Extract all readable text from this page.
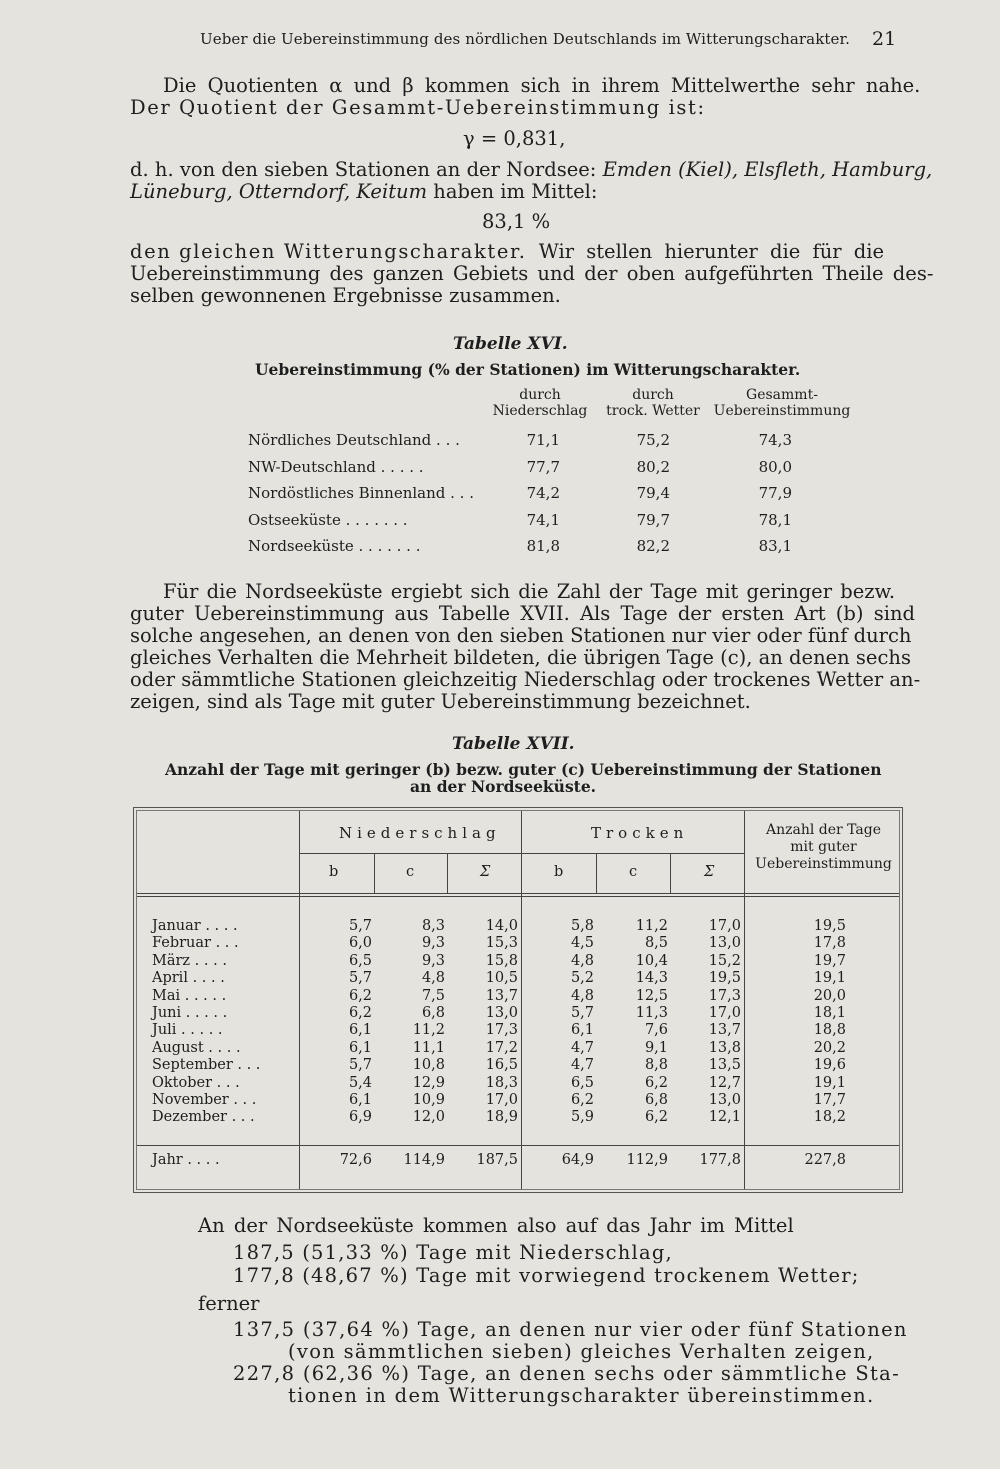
Ueber die Uebereinstimmung des nördlichen Deutschlands im Witterungscharakter. 21
Die Quotienten α und β kommen sich in ihrem Mittelwerthe sehr nahe.
Der Quotient der Gesammt-Uebereinstimmung ist:
γ = 0,831,
d. h. von den sieben Stationen an der Nordsee: Emden (Kiel), Elsfleth, Hamburg,
Lüneburg, Otterndorf, Keitum haben im Mittel:
83,1 %
den gleichen Witterungscharakter. Wir stellen hierunter die für die
Uebereinstimmung des ganzen Gebiets und der oben aufgeführten Theile des-
selben gewonnenen Ergebnisse zusammen.
Tabelle XVI.
Uebereinstimmung (% der Stationen) im Witterungscharakter.
durch
Niederschlag
durch
trock. Wetter
Gesammt-
Uebereinstimmung
Nördliches Deutschland . . .	71,1	75,2	74,3
NW-Deutschland . . . . .	77,7	80,2	80,0
Nordöstliches Binnenland . . .	74,2	79,4	77,9
Ostseeküste . . . . . . .	74,1	79,7	78,1
Nordseeküste . . . . . . .	81,8	82,2	83,1
Für die Nordseeküste ergiebt sich die Zahl der Tage mit geringer bezw.
guter Uebereinstimmung aus Tabelle XVII. Als Tage der ersten Art (b) sind
solche angesehen, an denen von den sieben Stationen nur vier oder fünf durch
gleiches Verhalten die Mehrheit bildeten, die übrigen Tage (c), an denen sechs
oder sämmtliche Stationen gleichzeitig Niederschlag oder trockenes Wetter an-
zeigen, sind als Tage mit guter Uebereinstimmung bezeichnet.
Tabelle XVII.
Anzahl der Tage mit geringer (b) bezw. guter (c) Uebereinstimmung der Stationen
an der Nordseeküste.
Niederschlag	Trocken	Anzahl der Tage
mit guter
Uebereinstimmung
b	c	Σ	b	c	Σ
Januar . . . .	5,7	8,3	14,0	5,8	11,2	17,0	19,5
Februar . . .	6,0	9,3	15,3	4,5	8,5	13,0	17,8
März . . . .	6,5	9,3	15,8	4,8	10,4	15,2	19,7
April . . . .	5,7	4,8	10,5	5,2	14,3	19,5	19,1
Mai . . . . .	6,2	7,5	13,7	4,8	12,5	17,3	20,0
Juni . . . . .	6,2	6,8	13,0	5,7	11,3	17,0	18,1
Juli . . . . .	6,1	11,2	17,3	6,1	7,6	13,7	18,8
August . . . .	6,1	11,1	17,2	4,7	9,1	13,8	20,2
September . . .	5,7	10,8	16,5	4,7	8,8	13,5	19,6
Oktober . . .	5,4	12,9	18,3	6,5	6,2	12,7	19,1
November . . .	6,1	10,9	17,0	6,2	6,8	13,0	17,7
Dezember . . .	6,9	12,0	18,9	5,9	6,2	12,1	18,2
Jahr . . . .	72,6	114,9	187,5	64,9	112,9	177,8	227,8
An der Nordseeküste kommen also auf das Jahr im Mittel
187,5 (51,33 %) Tage mit Niederschlag,
177,8 (48,67 %) Tage mit vorwiegend trockenem Wetter;
ferner
137,5 (37,64 %) Tage, an denen nur vier oder fünf Stationen
(von sämmtlichen sieben) gleiches Verhalten zeigen,
227,8 (62,36 %) Tage, an denen sechs oder sämmtliche Sta-
tionen in dem Witterungscharakter übereinstimmen.
